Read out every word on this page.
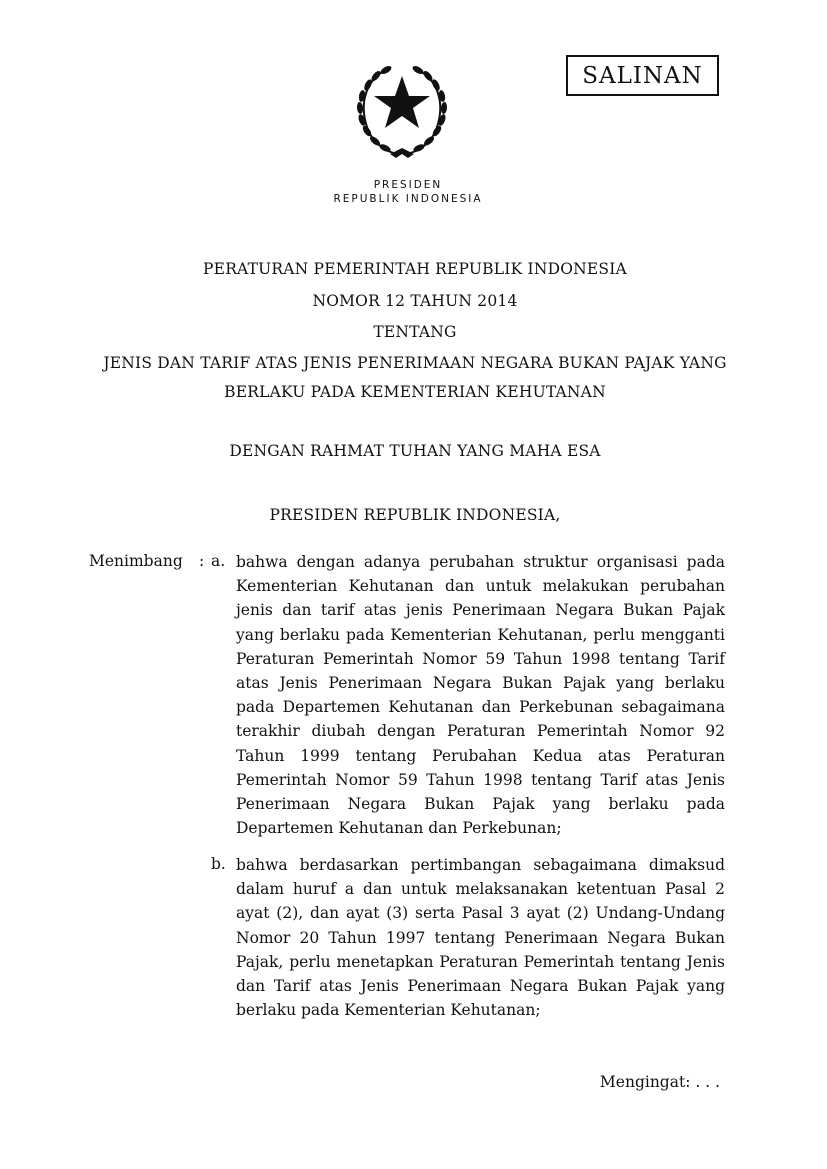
SALINAN
PRESIDEN
REPUBLIK INDONESIA
PERATURAN PEMERINTAH REPUBLIK INDONESIA
NOMOR 12 TAHUN 2014
TENTANG
JENIS DAN TARIF ATAS JENIS PENERIMAAN NEGARA BUKAN PAJAK YANG
BERLAKU PADA KEMENTERIAN KEHUTANAN
DENGAN RAHMAT TUHAN YANG MAHA ESA
PRESIDEN REPUBLIK INDONESIA,
Menimbang : a. bahwa dengan adanya perubahan struktur organisasi pada Kementerian Kehutanan dan untuk melakukan perubahan jenis dan tarif atas jenis Penerimaan Negara Bukan Pajak yang berlaku pada Kementerian Kehutanan, perlu mengganti Peraturan Pemerintah Nomor 59 Tahun 1998 tentang Tarif atas Jenis Penerimaan Negara Bukan Pajak yang berlaku pada Departemen Kehutanan dan Perkebunan sebagaimana terakhir diubah dengan Peraturan Pemerintah Nomor 92 Tahun 1999 tentang Perubahan Kedua atas Peraturan Pemerintah Nomor 59 Tahun 1998 tentang Tarif atas Jenis Penerimaan Negara Bukan Pajak yang berlaku pada Departemen Kehutanan dan Perkebunan;

b. bahwa berdasarkan pertimbangan sebagaimana dimaksud dalam huruf a dan untuk melaksanakan ketentuan Pasal 2 ayat (2), dan ayat (3) serta Pasal 3 ayat (2) Undang-Undang Nomor 20 Tahun 1997 tentang Penerimaan Negara Bukan Pajak, perlu menetapkan Peraturan Pemerintah tentang Jenis dan Tarif atas Jenis Penerimaan Negara Bukan Pajak yang berlaku pada Kementerian Kehutanan;

Mengingat: . . .
